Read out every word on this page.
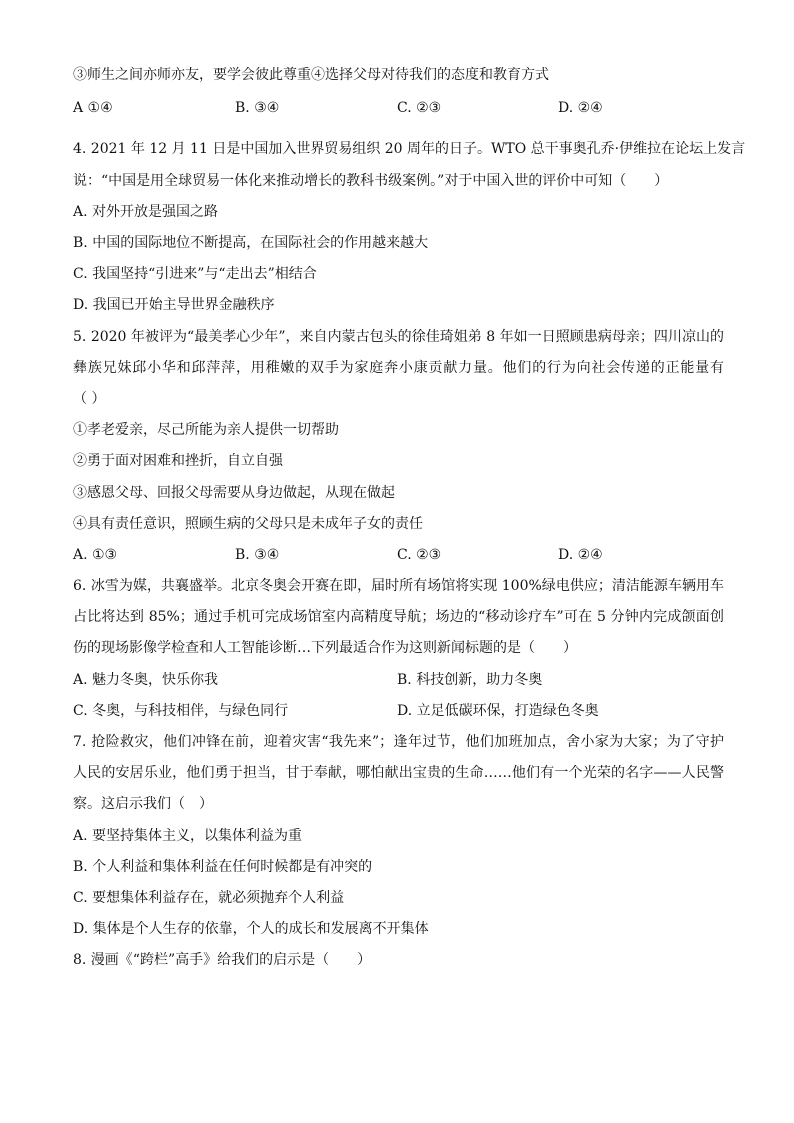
③师生之间亦师亦友，要学会彼此尊重④选择父母对待我们的态度和教育方式
A ①④	B. ③④	C. ②③	D. ②④
4. 2021 年 12 月 11 日是中国加入世界贸易组织 20 周年的日子。WTO 总干事奥孔乔·伊维拉在论坛上发言
说：“中国是用全球贸易一体化来推动增长的教科书级案例。”对于中国入世的评价中可知（　　）
A. 对外开放是强国之路
B. 中国的国际地位不断提高，在国际社会的作用越来越大
C. 我国坚持“引进来”与“走出去”相结合
D. 我国已开始主导世界金融秩序
5. 2020 年被评为“最美孝心少年”，来自内蒙古包头的徐佳琦姐弟 8 年如一日照顾患病母亲；四川凉山的
彝族兄妹邱小华和邱萍萍，用稚嫩的双手为家庭奔小康贡献力量。他们的行为向社会传递的正能量有
（ ）
①孝老爱亲，尽己所能为亲人提供一切帮助
②勇于面对困难和挫折，自立自强
③感恩父母、回报父母需要从身边做起，从现在做起
④具有责任意识，照顾生病的父母只是未成年子女的责任
A. ①③	B. ③④	C. ②③	D. ②④
6. 冰雪为媒，共襄盛举。北京冬奥会开赛在即，届时所有场馆将实现 100%绿电供应；清洁能源车辆用车
占比将达到 85%；通过手机可完成场馆室内高精度导航；场边的“移动诊疗车”可在 5 分钟内完成颌面创
伤的现场影像学检查和人工智能诊断…下列最适合作为这则新闻标题的是（　　）
A. 魅力冬奥，快乐你我	B. 科技创新，助力冬奥
C. 冬奥，与科技相伴，与绿色同行	D. 立足低碳环保，打造绿色冬奥
7. 抢险救灾，他们冲锋在前，迎着灾害“我先来”；逢年过节，他们加班加点，舍小家为大家；为了守护
人民的安居乐业，他们勇于担当，甘于奉献，哪怕献出宝贵的生命……他们有一个光荣的名字——人民警
察。这启示我们（　）
A. 要坚持集体主义，以集体利益为重
B. 个人利益和集体利益在任何时候都是有冲突的
C. 要想集体利益存在，就必须抛弃个人利益
D. 集体是个人生存的依靠，个人的成长和发展离不开集体
8. 漫画《“跨栏”高手》给我们的启示是（　　）
